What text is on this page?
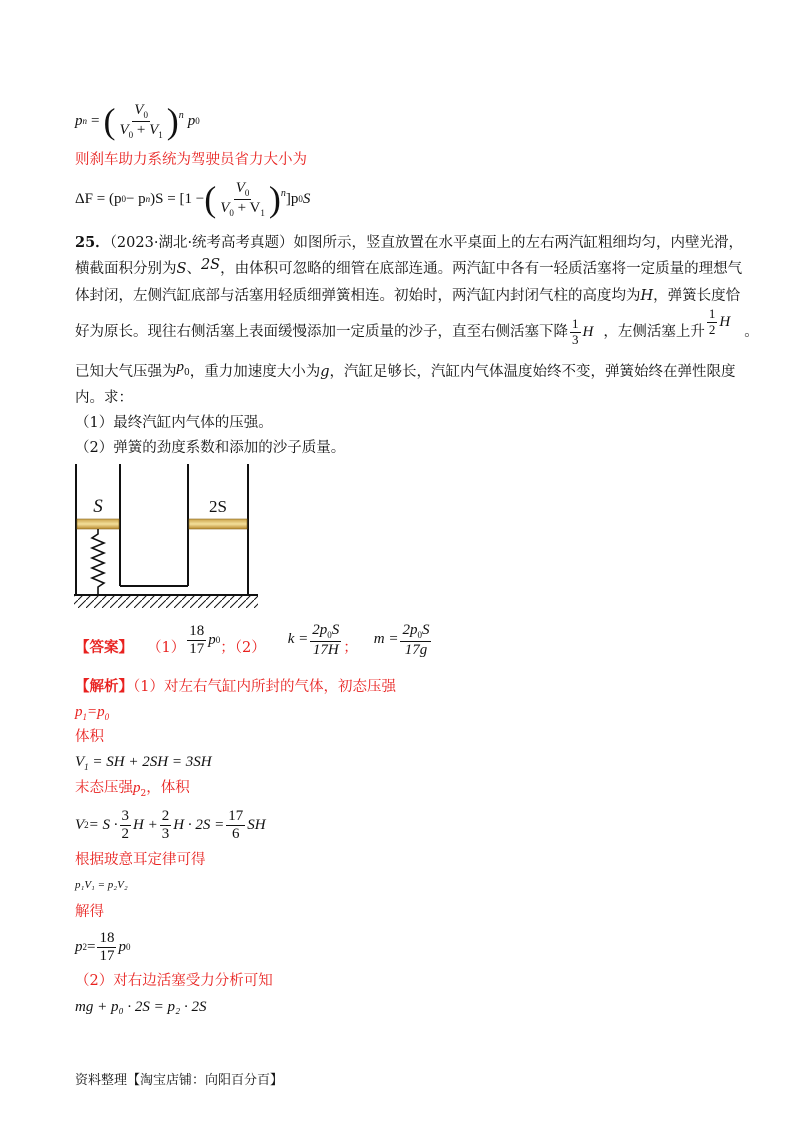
p n = ( $\frac{V_0}{V_0 + V_1}$ ) n p 0
则刹车助力系统为驾驶员省力大小为
ΔF = (p 0 − p n )S = [1 − ( $\frac{V_0}{V_0 + V_1}$ ) n ]p 0 S
25．（2023·湖北·统考高考真题）如图所示，竖直放置在水平桌面上的左右两汽缸粗细均匀，内壁光滑，
横截面积分别为S、2S，由体积可忽略的细管在底部连通。两汽缸中各有一轻质活塞将一定质量的理想气
体封闭，左侧汽缸底部与活塞用轻质细弹簧相连。初始时，两汽缸内封闭气柱的高度均为H，弹簧长度恰
好为原长。现往右侧活塞上表面缓慢添加一定质量的沙子，直至右侧活塞下降 $\frac{1}{3}$ H ，左侧活塞上升 $\frac{1}{2}$ H
。
已知大气压强为$p_0$，重力加速度大小为g，汽缸足够长，汽缸内气体温度始终不变，弹簧始终在弹性限度
内。求：
（1）最终汽缸内气体的压强。
（2）弹簧的劲度系数和添加的沙子质量。
S	2S
【答案】 $(1) \frac{18}{17}$ p 0
；（2）
$k = \frac{2p_0S}{17H}$ ；
$m = \frac{2p_0S}{17g}$
【解析】（1）对左右气缸内所封的气体，初态压强
$p_1=p_0$
体积
$V_1$ = SH + 2SH = 3SH
末态压强$p_2$，体积
V $2 = S \cdot \frac{3}{2}$ $H + \frac{2}{3}$ $H \cdot 2S = \frac{17}{6}$ SH
根据玻意耳定律可得
p₁V₁ = p₂V₂
解得
p $2 = \frac{18}{17}$ p 0
（2）对右边活塞受力分析可知
mg + p₀ · 2S = p₂ · 2S
资料整理【淘宝店铺：向阳百分百】
